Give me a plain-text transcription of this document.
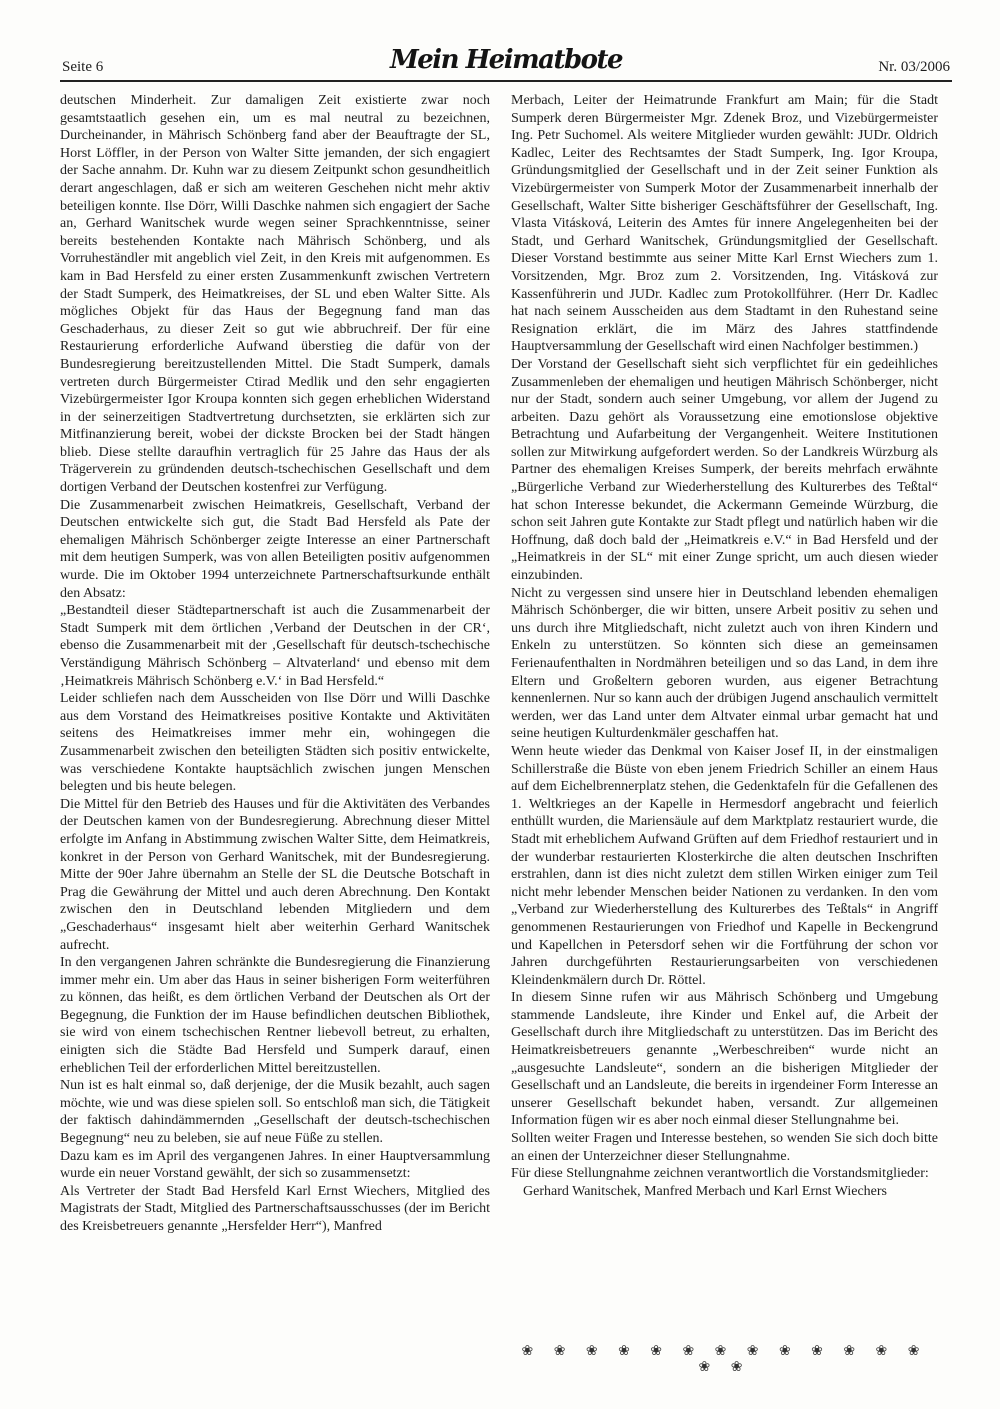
Seite 6	Mein Heimatbote	Nr. 03/2006

deutschen Minderheit. Zur damaligen Zeit existierte zwar noch gesamtstaatlich gesehen ein, um es mal neutral zu bezeichnen, Durcheinander, in Mährisch Schönberg fand aber der Beauftragte der SL, Horst Löffler, in der Person von Walter Sitte jemanden, der sich engagiert der Sache annahm. Dr. Kuhn war zu diesem Zeitpunkt schon gesundheitlich derart angeschlagen, daß er sich am weiteren Geschehen nicht mehr aktiv beteiligen konnte. Ilse Dörr, Willi Daschke nahmen sich engagiert der Sache an, Gerhard Wanitschek wurde wegen seiner Sprachkenntnisse, seiner bereits bestehenden Kontakte nach Mährisch Schönberg, und als Vorruheständler mit angeblich viel Zeit, in den Kreis mit aufgenommen. Es kam in Bad Hersfeld zu einer ersten Zusammenkunft zwischen Vertretern der Stadt Sumperk, des Heimatkreises, der SL und eben Walter Sitte. Als mögliches Objekt für das Haus der Begegnung fand man das Geschaderhaus, zu dieser Zeit so gut wie abbruchreif. Der für eine Restaurierung erforderliche Aufwand überstieg die dafür von der Bundesregierung bereitzustellenden Mittel. Die Stadt Sumperk, damals vertreten durch Bürgermeister Ctirad Medlik und den sehr engagierten Vizebürgermeister Igor Kroupa konnten sich gegen erheblichen Widerstand in der seinerzeitigen Stadtvertretung durchsetzten, sie erklärten sich zur Mitfinanzierung bereit, wobei der dickste Brocken bei der Stadt hängen blieb. Diese stellte daraufhin vertraglich für 25 Jahre das Haus der als Trägerverein zu gründenden deutsch-tschechischen Gesellschaft und dem dortigen Verband der Deutschen kostenfrei zur Verfügung.

Die Zusammenarbeit zwischen Heimatkreis, Gesellschaft, Verband der Deutschen entwickelte sich gut, die Stadt Bad Hersfeld als Pate der ehemaligen Mährisch Schönberger zeigte Interesse an einer Partnerschaft mit dem heutigen Sumperk, was von allen Beteiligten positiv aufgenommen wurde. Die im Oktober 1994 unterzeichnete Partnerschaftsurkunde enthält den Absatz:

„Bestandteil dieser Städtepartnerschaft ist auch die Zusammenarbeit der Stadt Sumperk mit dem örtlichen ‚Verband der Deutschen in der CR‘, ebenso die Zusammenarbeit mit der ‚Gesellschaft für deutsch-tschechische Verständigung Mährisch Schönberg – Altvaterland‘ und ebenso mit dem ‚Heimatkreis Mährisch Schönberg e.V.‘ in Bad Hersfeld.“

Leider schliefen nach dem Ausscheiden von Ilse Dörr und Willi Daschke aus dem Vorstand des Heimatkreises positive Kontakte und Aktivitäten seitens des Heimatkreises immer mehr ein, wohingegen die Zusammenarbeit zwischen den beteiligten Städten sich positiv entwickelte, was verschiedene Kontakte hauptsächlich zwischen jungen Menschen belegten und bis heute belegen.

Die Mittel für den Betrieb des Hauses und für die Aktivitäten des Verbandes der Deutschen kamen von der Bundesregierung. Abrechnung dieser Mittel erfolgte im Anfang in Abstimmung zwischen Walter Sitte, dem Heimatkreis, konkret in der Person von Gerhard Wanitschek, mit der Bundesregierung. Mitte der 90er Jahre übernahm an Stelle der SL die Deutsche Botschaft in Prag die Gewährung der Mittel und auch deren Abrechnung. Den Kontakt zwischen den in Deutschland lebenden Mitgliedern und dem „Geschaderhaus“ insgesamt hielt aber weiterhin Gerhard Wanitschek aufrecht.

In den vergangenen Jahren schränkte die Bundesregierung die Finanzierung immer mehr ein. Um aber das Haus in seiner bisherigen Form weiterführen zu können, das heißt, es dem örtlichen Verband der Deutschen als Ort der Begegnung, die Funktion der im Hause befindlichen deutschen Bibliothek, sie wird von einem tschechischen Rentner liebevoll betreut, zu erhalten, einigten sich die Städte Bad Hersfeld und Sumperk darauf, einen erheblichen Teil der erforderlichen Mittel bereitzustellen.

Nun ist es halt einmal so, daß derjenige, der die Musik bezahlt, auch sagen möchte, wie und was diese spielen soll. So entschloß man sich, die Tätigkeit der faktisch dahindämmernden „Gesellschaft der deutsch-tschechischen Begegnung“ neu zu beleben, sie auf neue Füße zu stellen.

Dazu kam es im April des vergangenen Jahres. In einer Hauptversammlung wurde ein neuer Vorstand gewählt, der sich so zusammensetzt:

Als Vertreter der Stadt Bad Hersfeld Karl Ernst Wiechers, Mitglied des Magistrats der Stadt, Mitglied des Partnerschaftsausschusses (der im Bericht des Kreisbetreuers genannte „Hersfelder Herr“), Manfred

Merbach, Leiter der Heimatrunde Frankfurt am Main; für die Stadt Sumperk deren Bürgermeister Mgr. Zdenek Broz, und Vizebürgermeister Ing. Petr Suchomel. Als weitere Mitglieder wurden gewählt: JUDr. Oldrich Kadlec, Leiter des Rechtsamtes der Stadt Sumperk, Ing. Igor Kroupa, Gründungsmitglied der Gesellschaft und in der Zeit seiner Funktion als Vizebürgermeister von Sumperk Motor der Zusammenarbeit innerhalb der Gesellschaft, Walter Sitte bisheriger Geschäftsführer der Gesellschaft, Ing. Vlasta Vitásková, Leiterin des Amtes für innere Angelegenheiten bei der Stadt, und Gerhard Wanitschek, Gründungsmitglied der Gesellschaft. Dieser Vorstand bestimmte aus seiner Mitte Karl Ernst Wiechers zum 1. Vorsitzenden, Mgr. Broz zum 2. Vorsitzenden, Ing. Vitásková zur Kassenführerin und JUDr. Kadlec zum Protokollführer. (Herr Dr. Kadlec hat nach seinem Ausscheiden aus dem Stadtamt in den Ruhestand seine Resignation erklärt, die im März des Jahres stattfindende Hauptversammlung der Gesellschaft wird einen Nachfolger bestimmen.)

Der Vorstand der Gesellschaft sieht sich verpflichtet für ein gedeihliches Zusammenleben der ehemaligen und heutigen Mährisch Schönberger, nicht nur der Stadt, sondern auch seiner Umgebung, vor allem der Jugend zu arbeiten. Dazu gehört als Voraussetzung eine emotionslose objektive Betrachtung und Aufarbeitung der Vergangenheit. Weitere Institutionen sollen zur Mitwirkung aufgefordert werden. So der Landkreis Würzburg als Partner des ehemaligen Kreises Sumperk, der bereits mehrfach erwähnte „Bürgerliche Verband zur Wiederherstellung des Kulturerbes des Teßtal“ hat schon Interesse bekundet, die Ackermann Gemeinde Würzburg, die schon seit Jahren gute Kontakte zur Stadt pflegt und natürlich haben wir die Hoffnung, daß doch bald der „Heimatkreis e.V.“ in Bad Hersfeld und der „Heimatkreis in der SL“ mit einer Zunge spricht, um auch diesen wieder einzubinden.

Nicht zu vergessen sind unsere hier in Deutschland lebenden ehemaligen Mährisch Schönberger, die wir bitten, unsere Arbeit positiv zu sehen und uns durch ihre Mitgliedschaft, nicht zuletzt auch von ihren Kindern und Enkeln zu unterstützen. So könnten sich diese an gemeinsamen Ferienaufenthalten in Nordmähren beteiligen und so das Land, in dem ihre Eltern und Großeltern geboren wurden, aus eigener Betrachtung kennenlernen. Nur so kann auch der drübigen Jugend anschaulich vermittelt werden, wer das Land unter dem Altvater einmal urbar gemacht hat und seine heutigen Kulturdenkmäler geschaffen hat.

Wenn heute wieder das Denkmal von Kaiser Josef II, in der einstmaligen Schillerstraße die Büste von eben jenem Friedrich Schiller an einem Haus auf dem Eichelbrennerplatz stehen, die Gedenktafeln für die Gefallenen des 1. Weltkrieges an der Kapelle in Hermesdorf angebracht und feierlich enthüllt wurden, die Mariensäule auf dem Marktplatz restauriert wurde, die Stadt mit erheblichem Aufwand Grüften auf dem Friedhof restauriert und in der wunderbar restaurierten Klosterkirche die alten deutschen Inschriften erstrahlen, dann ist dies nicht zuletzt dem stillen Wirken einiger zum Teil nicht mehr lebender Menschen beider Nationen zu verdanken. In den vom „Verband zur Wiederherstellung des Kulturerbes des Teßtals“ in Angriff genommenen Restaurierungen von Friedhof und Kapelle in Beckengrund und Kapellchen in Petersdorf sehen wir die Fortführung der schon vor Jahren durchgeführten Restaurierungsarbeiten von verschiedenen Kleindenkmälern durch Dr. Röttel.

In diesem Sinne rufen wir aus Mährisch Schönberg und Umgebung stammende Landsleute, ihre Kinder und Enkel auf, die Arbeit der Gesellschaft durch ihre Mitgliedschaft zu unterstützen. Das im Bericht des Heimatkreisbetreuers genannte „Werbeschreiben“ wurde nicht an „ausgesuchte Landsleute“, sondern an die bisherigen Mitglieder der Gesellschaft und an Landsleute, die bereits in irgendeiner Form Interesse an unserer Gesellschaft bekundet haben, versandt. Zur allgemeinen Information fügen wir es aber noch einmal dieser Stellungnahme bei.

Sollten weiter Fragen und Interesse bestehen, so wenden Sie sich doch bitte an einen der Unterzeichner dieser Stellungnahme.

Für diese Stellungnahme zeichnen verantwortlich die Vorstandsmitglieder:

Gerhard Wanitschek, Manfred Merbach und Karl Ernst Wiechers

❀ ❀ ❀ ❀ ❀ ❀ ❀ ❀ ❀ ❀ ❀ ❀ ❀ ❀ ❀
